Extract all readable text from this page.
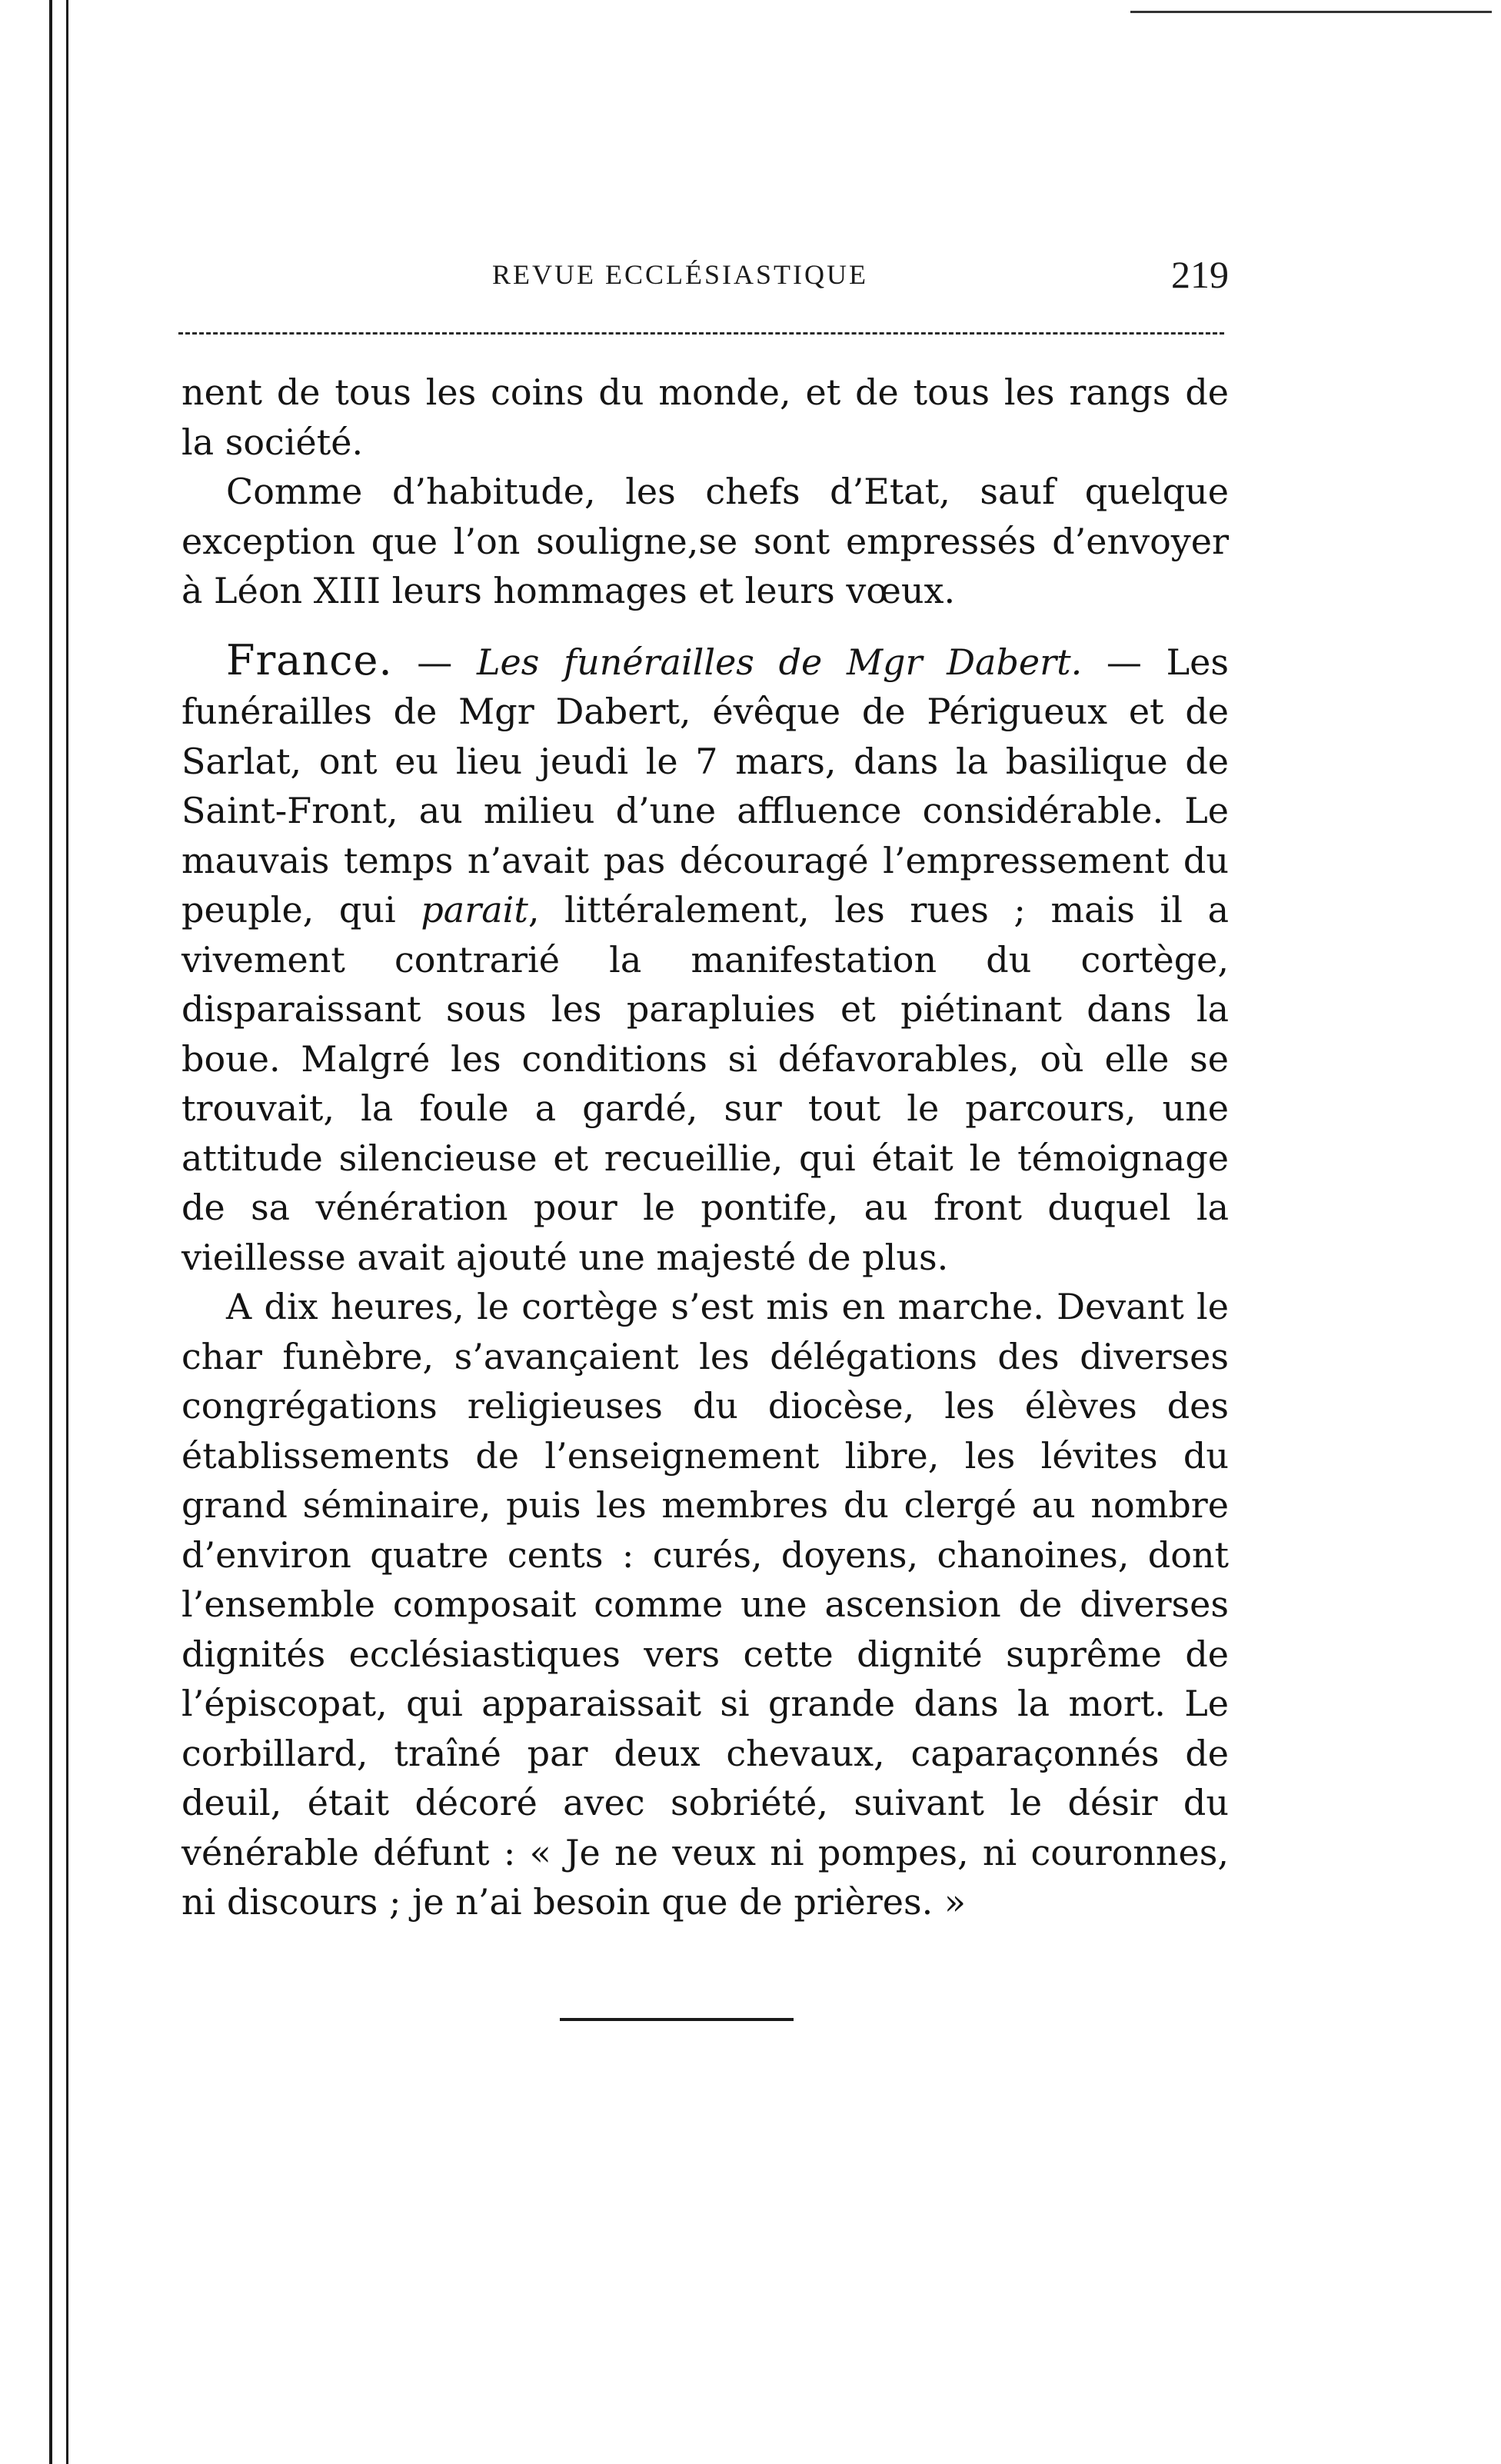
REVUE ECCLÉSIASTIQUE	219

nent de tous les coins du monde, et de tous les rangs de la société.

Comme d’habitude, les chefs d’Etat, sauf quelque exception que l’on souligne,se sont empressés d’envoyer à Léon XIII leurs hommages et leurs vœux.

France. — Les funérailles de Mgr Dabert. — Les funérailles de Mgr Dabert, évêque de Périgueux et de Sarlat, ont eu lieu jeudi le 7 mars, dans la basilique de Saint-Front, au milieu d’une affluence considérable. Le mauvais temps n’avait pas découragé l’empressement du peuple, qui parait, littéralement, les rues ; mais il a vivement contrarié la manifestation du cortège, disparaissant sous les parapluies et piétinant dans la boue. Malgré les conditions si défavorables, où elle se trouvait, la foule a gardé, sur tout le parcours, une attitude silencieuse et recueillie, qui était le témoignage de sa vénération pour le pontife, au front duquel la vieillesse avait ajouté une majesté de plus.

A dix heures, le cortège s’est mis en marche. Devant le char funèbre, s’avançaient les délégations des diverses congrégations religieuses du diocèse, les élèves des établissements de l’enseignement libre, les lévites du grand séminaire, puis les membres du clergé au nombre d’environ quatre cents : curés, doyens, chanoines, dont l’ensemble composait comme une ascension de diverses dignités ecclésiastiques vers cette dignité suprême de l’épiscopat, qui apparaissait si grande dans la mort. Le corbillard, traîné par deux chevaux, caparaçonnés de deuil, était décoré avec sobriété, suivant le désir du vénérable défunt : « Je ne veux ni pompes, ni couronnes, ni discours ; je n’ai besoin que de prières. »
